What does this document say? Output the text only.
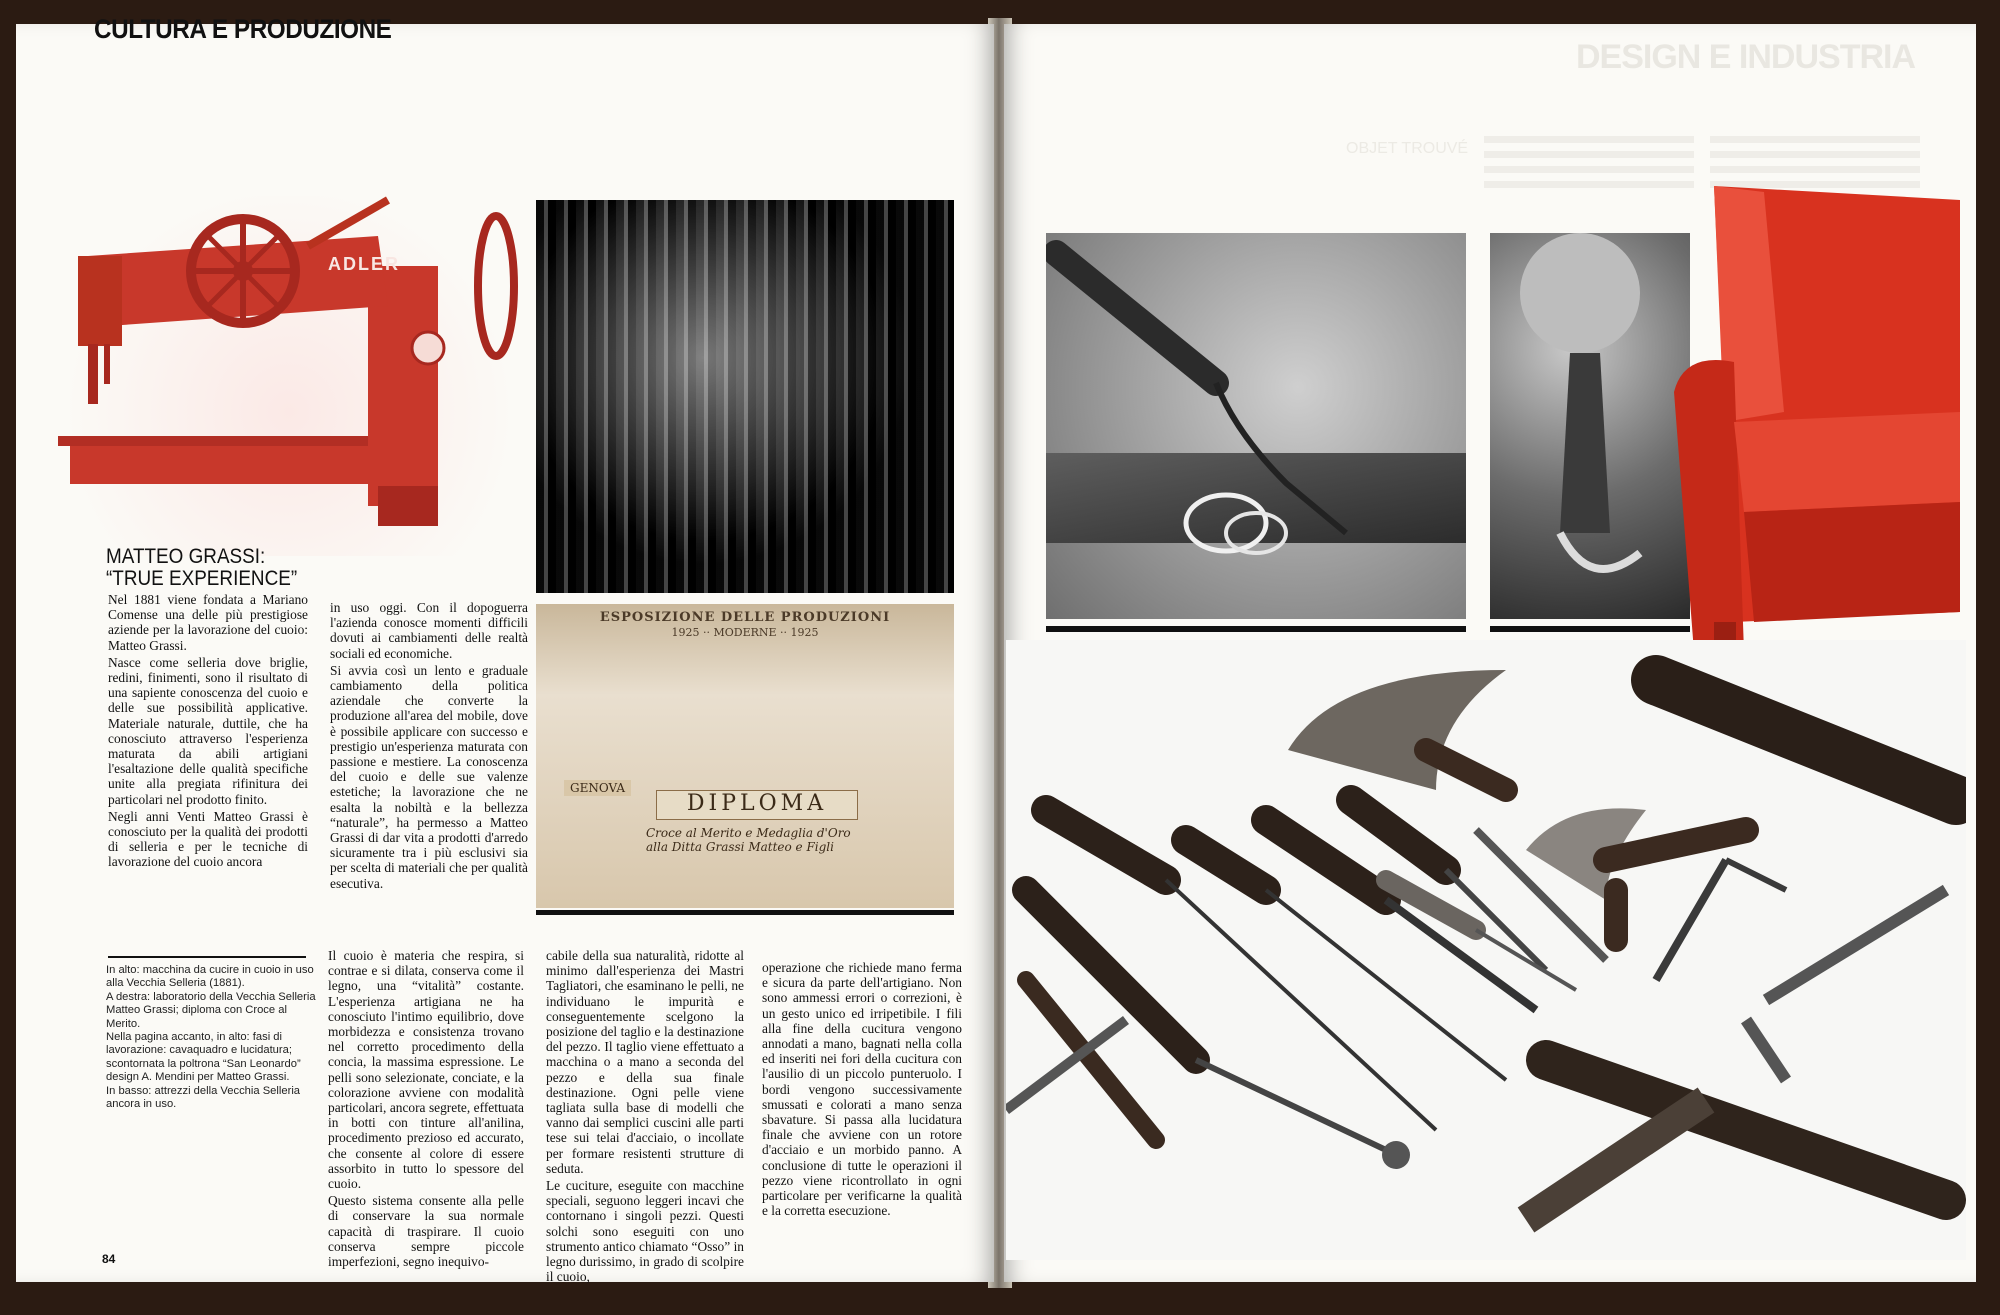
CULTURA E PRODUZIONE
ADLER
ESPOSIZIONE DELLE PRODUZIONI
1925 ·· MODERNE ·· 1925
GENOVA
DIPLOMA
Croce al Merito e Medaglia d'Oro alla Ditta Grassi Matteo e Figli
MATTEO GRASSI:
“TRUE EXPERIENCE”

Nel 1881 viene fondata a Mariano Comense una delle più prestigiose aziende per la lavorazione del cuoio: Matteo Grassi.

Nasce come selleria dove briglie, redini, finimenti, sono il risultato di una sapiente conoscenza del cuoio e delle sue possibilità applicative. Materiale naturale, duttile, che ha conosciuto attraverso l'esperienza maturata da abili artigiani l'esaltazione delle qualità specifiche unite alla pregiata rifinitura dei particolari nel prodotto finito.

Negli anni Venti Matteo Grassi è conosciuto per la qualità dei prodotti di selleria e per le tecniche di lavorazione del cuoio ancora

in uso oggi. Con il dopoguerra l'azienda conosce momenti difficili dovuti ai cambiamenti delle realtà sociali ed economiche.

Si avvia così un lento e graduale cambiamento della politica aziendale che converte la produzione all'area del mobile, dove è possibile applicare con successo e prestigio un'esperienza maturata con passione e mestiere. La conoscenza del cuoio e delle sue valenze estetiche; la lavorazione che ne esalta la nobiltà e la bellezza “naturale”, ha permesso a Matteo Grassi di dar vita a prodotti d'arredo sicuramente tra i più esclusivi sia per scelta di materiali che per qualità esecutiva.

In alto: macchina da cucire in cuoio in uso alla Vecchia Selleria (1881).

A destra: laboratorio della Vecchia Selleria Matteo Grassi; diploma con Croce al Merito.

Nella pagina accanto, in alto: fasi di lavorazione: cavaquadro e lucidatura; scontornata la poltrona “San Leonardo” design A. Mendini per Matteo Grassi.

In basso: attrezzi della Vecchia Selleria ancora in uso.

Il cuoio è materia che respira, si contrae e si dilata, conserva come il legno, una “vitalità” costante. L'esperienza artigiana ne ha conosciuto l'intimo equilibrio, dove morbidezza e consistenza trovano nel corretto procedimento della concia, la massima espressione. Le pelli sono selezionate, conciate, e la colorazione avviene con modalità particolari, ancora segrete, effettuata in botti con tinture all'anilina, procedimento prezioso ed accurato, che consente al colore di essere assorbito in tutto lo spessore del cuoio.

Questo sistema consente alla pelle di conservare la sua normale capacità di traspirare. Il cuoio conserva sempre piccole imperfezioni, segno inequivo-

cabile della sua naturalità, ridotte al minimo dall'esperienza dei Mastri Tagliatori, che esaminano le pelli, ne individuano le impurità e conseguentemente scelgono la posizione del taglio e la destinazione del pezzo. Il taglio viene effettuato a macchina o a mano a seconda del pezzo e della sua finale destinazione. Ogni pelle viene tagliata sulla base di modelli che vanno dai semplici cuscini alle parti tese sui telai d'acciaio, o incollate per formare resistenti strutture di seduta.

Le cuciture, eseguite con macchine speciali, seguono leggeri incavi che contornano i singoli pezzi. Questi solchi sono eseguiti con uno strumento antico chiamato “Osso” in legno durissimo, in grado di scolpire il cuoio,

operazione che richiede mano ferma e sicura da parte dell'artigiano. Non sono ammessi errori o correzioni, è un gesto unico ed irripetibile. I fili alla fine della cucitura vengono annodati a mano, bagnati nella colla ed inseriti nei fori della cucitura con l'ausilio di un piccolo punteruolo. I bordi vengono successivamente smussati e colorati a mano senza sbavature. Si passa alla lucidatura finale che avviene con un rotore d'acciaio e un morbido panno. A conclusione di tutte le operazioni il pezzo viene ricontrollato in ogni particolare per verificarne la qualità e la corretta esecuzione.

84
DESIGN E INDUSTRIA
OBJET TROUVÉ
